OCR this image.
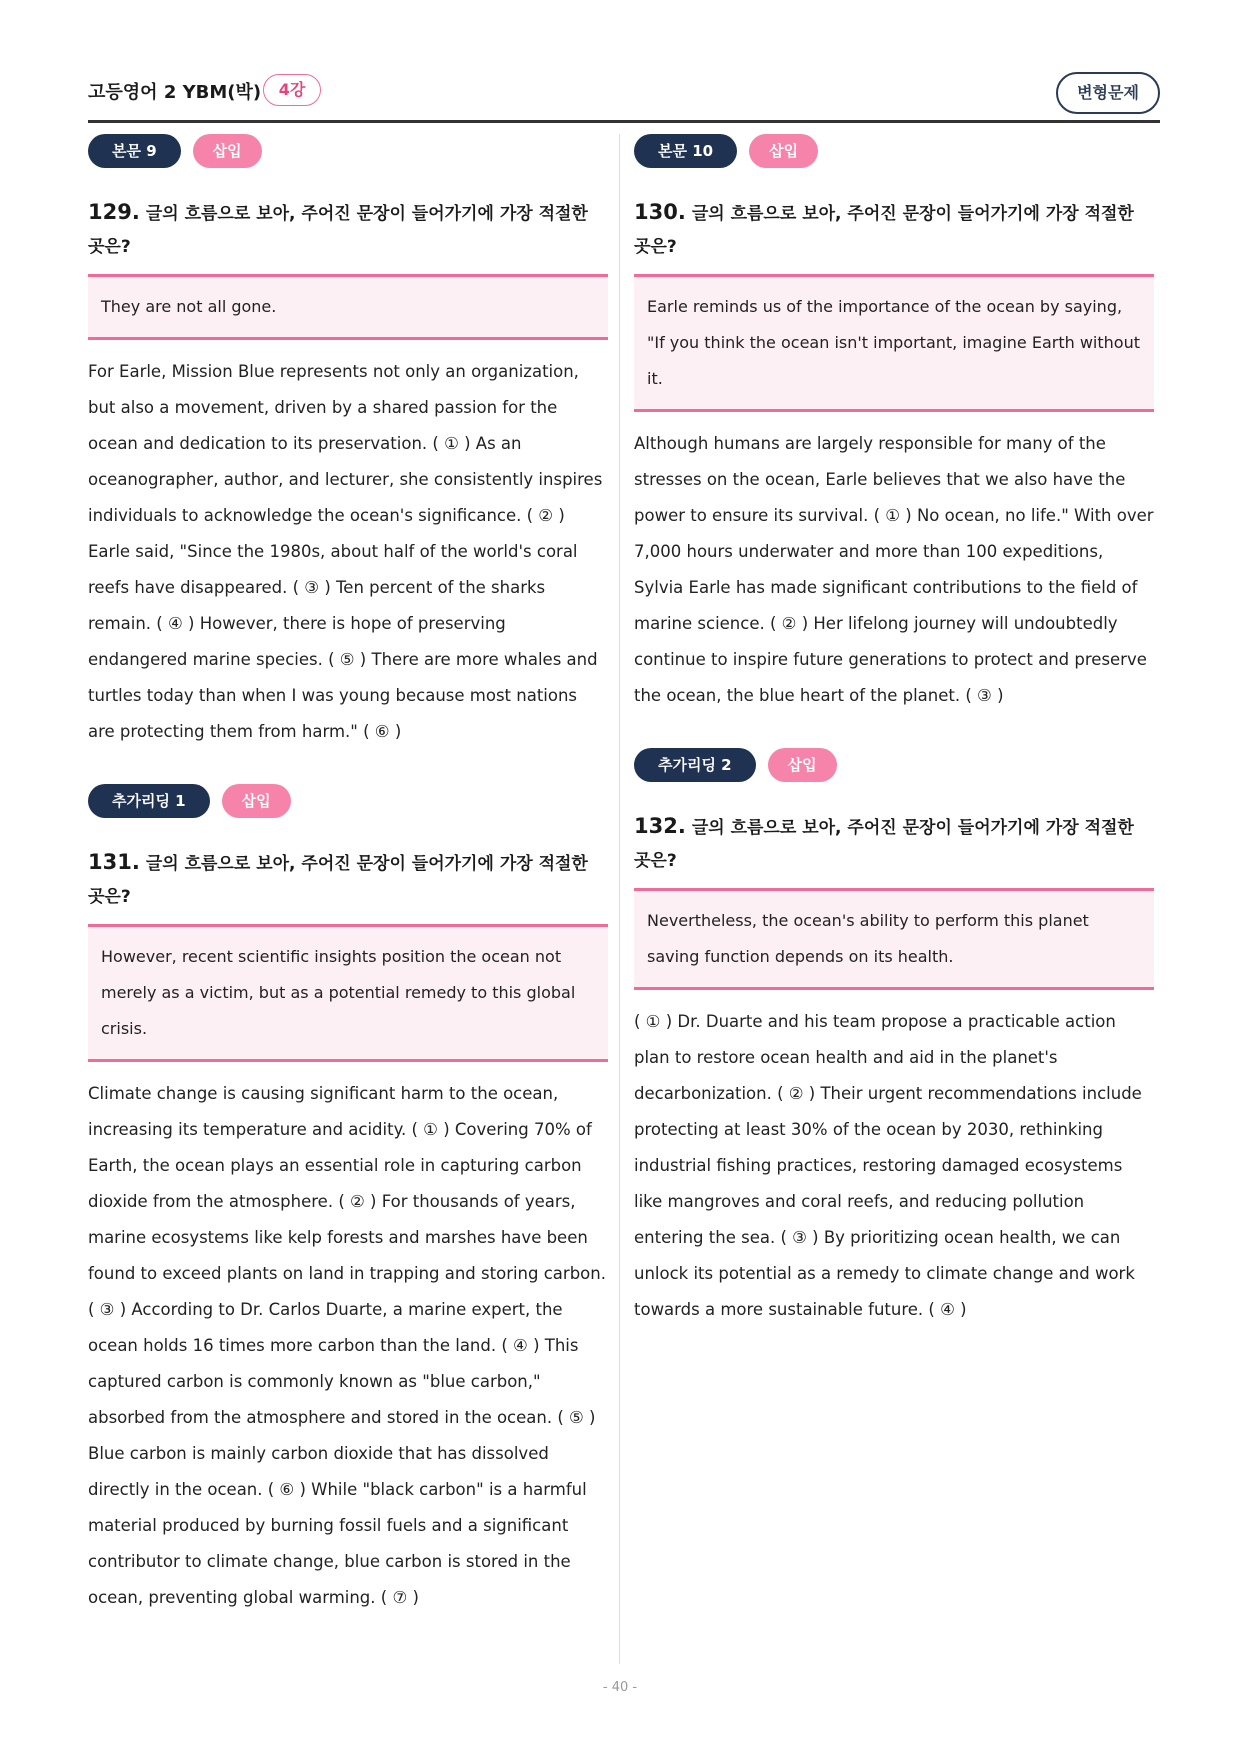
고등영어 2 YBM(박)	4강	변형문제
본문 9	삽입
129. 글의 흐름으로 보아, 주어진 문장이 들어가기에 가장 적절한 곳은?
They are not all gone.
For Earle, Mission Blue represents not only an organization, but also a movement, driven by a shared passion for the ocean and dedication to its preservation. ( ① ) As an oceanographer, author, and lecturer, she consistently inspires individuals to acknowledge the ocean's significance. ( ② ) Earle said, "Since the 1980s, about half of the world's coral reefs have disappeared. ( ③ ) Ten percent of the sharks remain. ( ④ ) However, there is hope of preserving endangered marine species. ( ⑤ ) There are more whales and turtles today than when I was young because most nations are protecting them from harm." ( ⑥ )
추가리딩 1	삽입
131. 글의 흐름으로 보아, 주어진 문장이 들어가기에 가장 적절한 곳은?
However, recent scientific insights position the ocean not merely as a victim, but as a potential remedy to this global crisis.
Climate change is causing significant harm to the ocean, increasing its temperature and acidity. ( ① ) Covering 70% of Earth, the ocean plays an essential role in capturing carbon dioxide from the atmosphere. ( ② ) For thousands of years, marine ecosystems like kelp forests and marshes have been found to exceed plants on land in trapping and storing carbon. ( ③ ) According to Dr. Carlos Duarte, a marine expert, the ocean holds 16 times more carbon than the land. ( ④ ) This captured carbon is commonly known as "blue carbon," absorbed from the atmosphere and stored in the ocean. ( ⑤ ) Blue carbon is mainly carbon dioxide that has dissolved directly in the ocean. ( ⑥ ) While "black carbon" is a harmful material produced by burning fossil fuels and a significant contributor to climate change, blue carbon is stored in the ocean, preventing global warming. ( ⑦ )
본문 10	삽입
130. 글의 흐름으로 보아, 주어진 문장이 들어가기에 가장 적절한 곳은?
Earle reminds us of the importance of the ocean by saying, "If you think the ocean isn't important, imagine Earth without it.
Although humans are largely responsible for many of the stresses on the ocean, Earle believes that we also have the power to ensure its survival. ( ① ) No ocean, no life." With over 7,000 hours underwater and more than 100 expeditions, Sylvia Earle has made significant contributions to the field of marine science. ( ② ) Her lifelong journey will undoubtedly continue to inspire future generations to protect and preserve the ocean, the blue heart of the planet. ( ③ )
추가리딩 2	삽입
132. 글의 흐름으로 보아, 주어진 문장이 들어가기에 가장 적절한 곳은?
Nevertheless, the ocean's ability to perform this planet saving function depends on its health.
( ① ) Dr. Duarte and his team propose a practicable action plan to restore ocean health and aid in the planet's decarbonization. ( ② ) Their urgent recommendations include protecting at least 30% of the ocean by 2030, rethinking industrial fishing practices, restoring damaged ecosystems like mangroves and coral reefs, and reducing pollution entering the sea. ( ③ ) By prioritizing ocean health, we can unlock its potential as a remedy to climate change and work towards a more sustainable future. ( ④ )
- 40 -
